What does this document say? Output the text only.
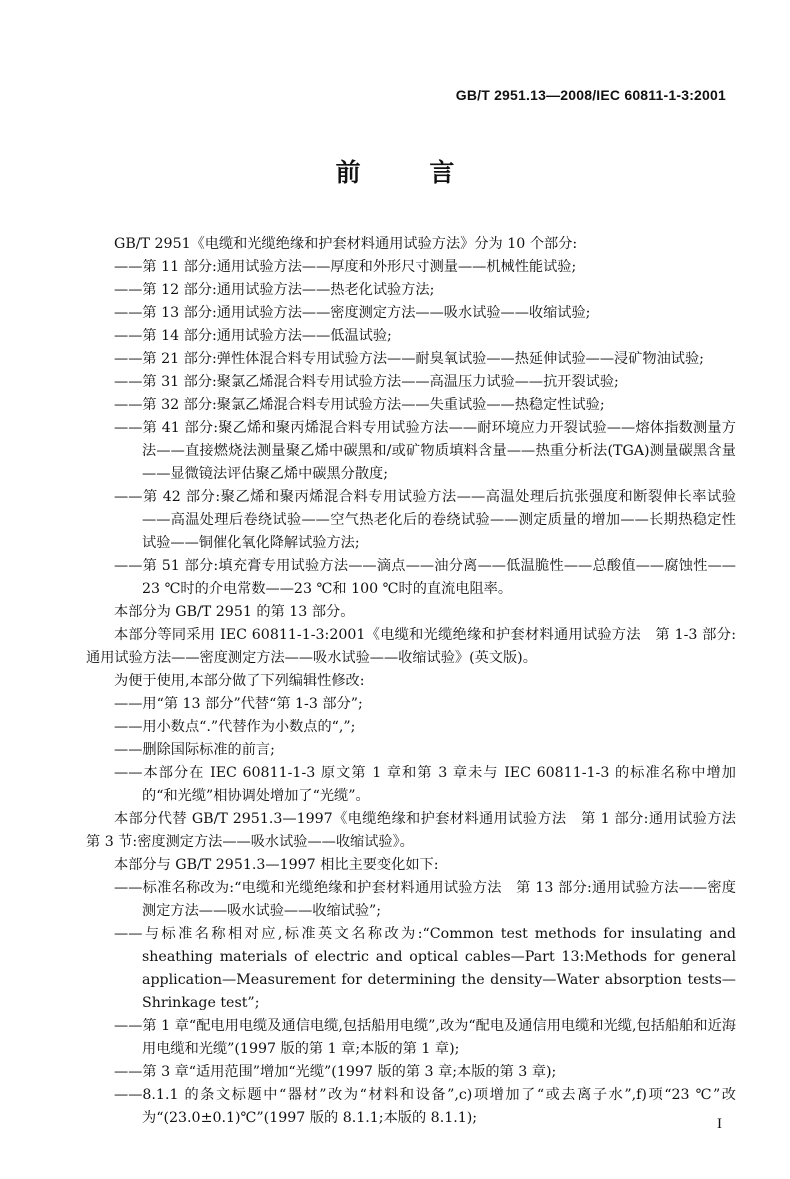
GB/T 2951.13—2008/IEC 60811-1-3:2001
前 言

GB/T 2951《电缆和光缆绝缘和护套材料通用试验方法》分为 10 个部分:

——第 11 部分:通用试验方法——厚度和外形尺寸测量——机械性能试验;

——第 12 部分:通用试验方法——热老化试验方法;

——第 13 部分:通用试验方法——密度测定方法——吸水试验——收缩试验;

——第 14 部分:通用试验方法——低温试验;

——第 21 部分:弹性体混合料专用试验方法——耐臭氧试验——热延伸试验——浸矿物油试验;

——第 31 部分:聚氯乙烯混合料专用试验方法——高温压力试验——抗开裂试验;

——第 32 部分:聚氯乙烯混合料专用试验方法——失重试验——热稳定性试验;

——第 41 部分:聚乙烯和聚丙烯混合料专用试验方法——耐环境应力开裂试验——熔体指数测量方法——直接燃烧法测量聚乙烯中碳黑和/或矿物质填料含量——热重分析法(TGA)测量碳黑含量——显微镜法评估聚乙烯中碳黑分散度;

——第 42 部分:聚乙烯和聚丙烯混合料专用试验方法——高温处理后抗张强度和断裂伸长率试验——高温处理后卷绕试验——空气热老化后的卷绕试验——测定质量的增加——长期热稳定性试验——铜催化氧化降解试验方法;

——第 51 部分:填充膏专用试验方法——滴点——油分离——低温脆性——总酸值——腐蚀性——23 ℃时的介电常数——23 ℃和 100 ℃时的直流电阻率。

本部分为 GB/T 2951 的第 13 部分。

本部分等同采用 IEC 60811-1-3:2001《电缆和光缆绝缘和护套材料通用试验方法　第 1-3 部分:通用试验方法——密度测定方法——吸水试验——收缩试验》(英文版)。

为便于使用,本部分做了下列编辑性修改:

——用“第 13 部分”代替“第 1-3 部分”;

——用小数点“.”代替作为小数点的“,”;

——删除国际标准的前言;

——本部分在 IEC 60811-1-3 原文第 1 章和第 3 章未与 IEC 60811-1-3 的标准名称中增加的“和光缆”相协调处增加了“光缆”。

本部分代替 GB/T 2951.3—1997《电缆绝缘和护套材料通用试验方法　第 1 部分:通用试验方法　第 3 节:密度测定方法——吸水试验——收缩试验》。

本部分与 GB/T 2951.3—1997 相比主要变化如下:

——标准名称改为:“电缆和光缆绝缘和护套材料通用试验方法　第 13 部分:通用试验方法——密度测定方法——吸水试验——收缩试验”;

——与标准名称相对应,标准英文名称改为:“Common test methods for insulating and sheathing materials of electric and optical cables—Part 13:Methods for general application—Measurement for determining the density—Water absorption tests—Shrinkage test”;

——第 1 章“配电用电缆及通信电缆,包括船用电缆”,改为“配电及通信用电缆和光缆,包括船舶和近海用电缆和光缆”(1997 版的第 1 章;本版的第 1 章);

——第 3 章“适用范围”增加“光缆”(1997 版的第 3 章;本版的第 3 章);

——8.1.1 的条文标题中“器材”改为“材料和设备”,c)项增加了“或去离子水”,f)项“23 ℃”改为“(23.0±0.1)℃”(1997 版的 8.1.1;本版的 8.1.1);	I
